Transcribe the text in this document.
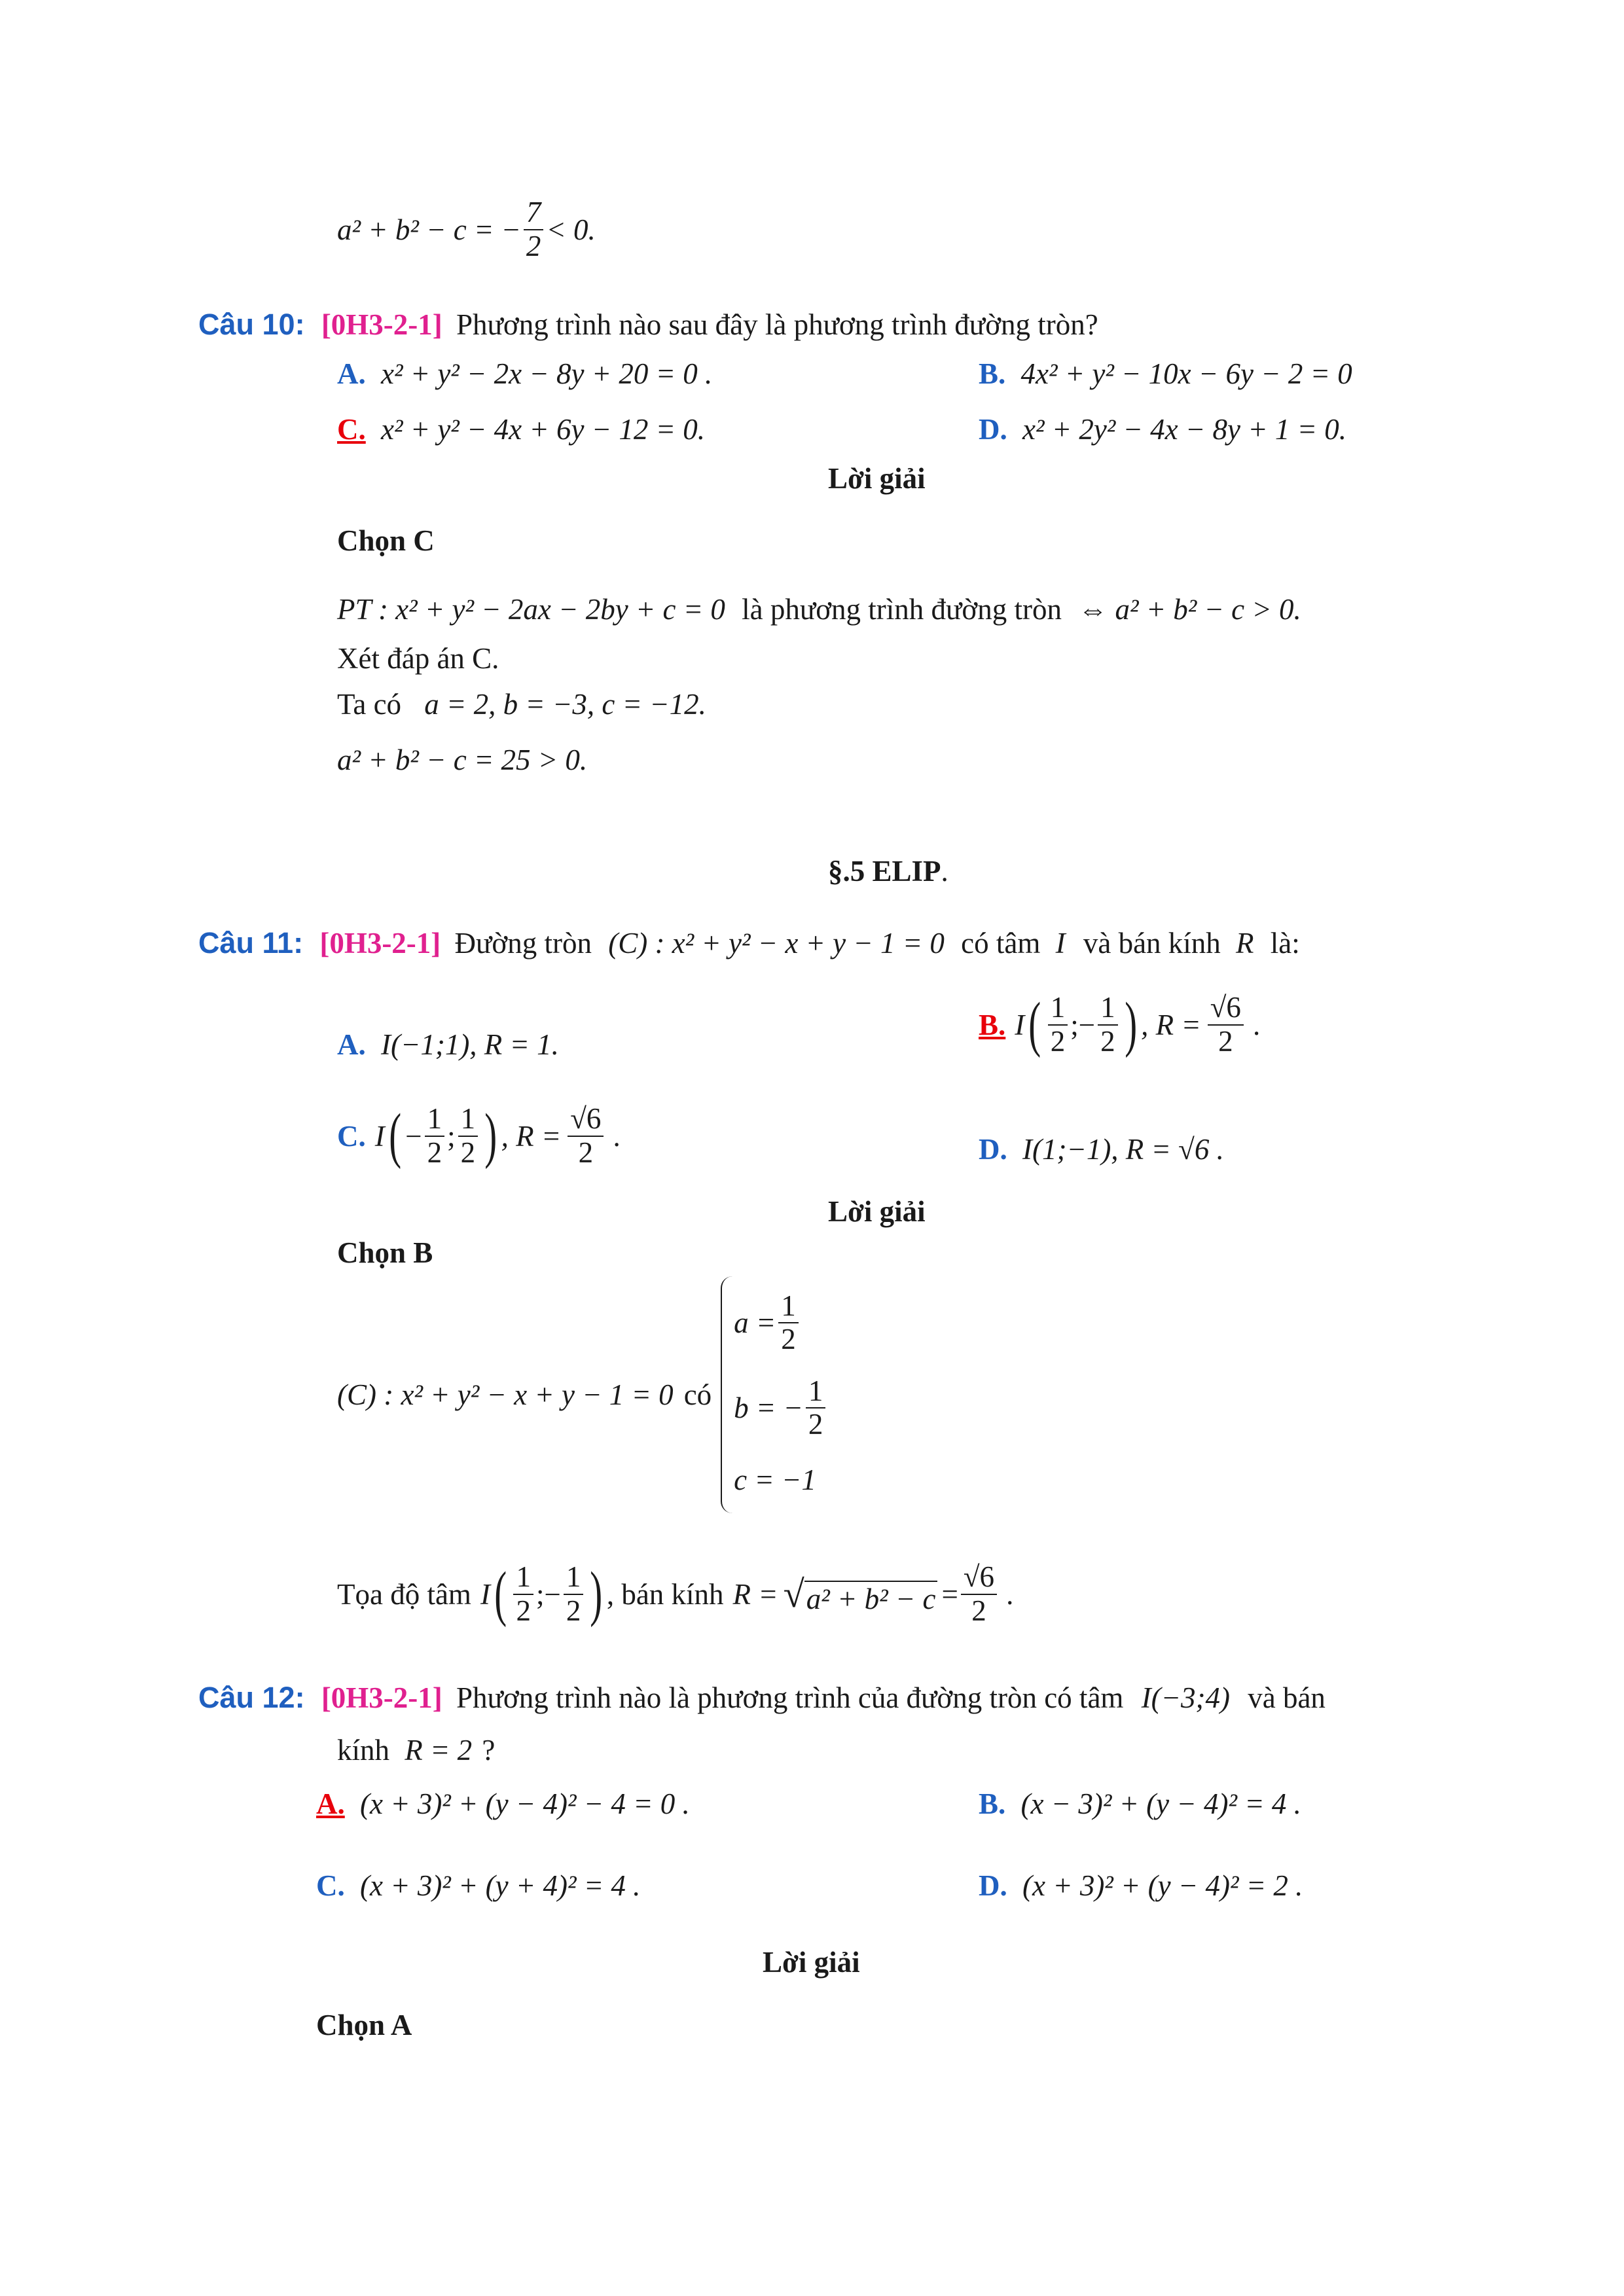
a² + b² − c = − $\frac{7}{2} < 0$.
Câu 10: [0H3-2-1] Phương trình nào sau đây là phương trình đường tròn?
A. x² + y² − 2x − 8y + 20 = 0 .	B. 4x² + y² − 10x − 6y − 2 = 0
C. x² + y² − 4x + 6y − 12 = 0.	D. x² + 2y² − 4x − 8y + 1 = 0.
Lời giải
Chọn C
PT : x² + y² − 2ax − 2by + c = 0 là phương trình đường tròn ⇔ a² + b² − c > 0.
Xét đáp án C.
Ta có a = 2, b = −3, c = −12.
a² + b² − c = 25 > 0.
§.5 ELIP.
Câu 11: [0H3-2-1] Đường tròn (C) : x² + y² − x + y − 1 = 0 có tâm I và bán kính R là:
A. I(−1;1), R = 1.
B. I ( $\frac{1}{2}$ ;− $\frac{1}{2}$ ) , $R = \frac{√6}{2}$ .
C. I ( − $\frac{1}{2}$ ; $\frac{1}{2}$ ) , $R = \frac{√6}{2}$ .	D. I(1;−1), R = √6 .
Lời giải
Chọn B
(C) : x² + y² − x + y − 1 = 0 có
$a = \frac{1}{2}$
b = − $\frac{1}{2}$
c = −1
Tọa độ tâm I ( $\frac{1}{2}$ ;− $\frac{1}{2}$ ) , bán kính R = √ $a^2 + b^2 - c = \frac{√6}{2}$ .
Câu 12: [0H3-2-1] Phương trình nào là phương trình của đường tròn có tâm I(−3;4) và bán
kính R = 2 ?
A. (x + 3)² + (y − 4)² − 4 = 0 .	B. (x − 3)² + (y − 4)² = 4 .
C. (x + 3)² + (y + 4)² = 4 .	D. (x + 3)² + (y − 4)² = 2 .
Lời giải
Chọn A
